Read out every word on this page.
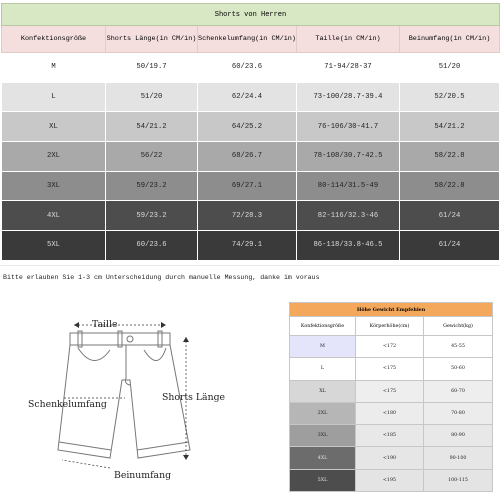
Shorts von Herren				
Konfektionsgröße	Shorts Länge(in CM/in)	Schenkelumfang(in CM/in)	Taille(in CM/in)	Beinumfang(in CM/in)
M	50/19.7	60/23.6	71-94/28-37	51/20
L	51/20	62/24.4	73-100/28.7-39.4	52/20.5
XL	54/21.2	64/25.2	76-106/30-41.7	54/21.2
2XL	56/22	68/26.7	78-108/30.7-42.5	58/22.8
3XL	59/23.2	69/27.1	80-114/31.5-49	58/22.8
4XL	59/23.2	72/28.3	82-116/32.3-46	61/24
5XL	60/23.6	74/29.1	86-118/33.8-46.5	61/24
Bitte erlauben Sie 1-3 cm Unterscheidung durch manuelle Messung, danke im voraus
Taille
Schenkelumfang
Shorts Länge
Beinumfang
Höhe Gewicht Empfehlen		
Konfektionsgröße	Körperhöhe(cm)	Gewicht(kg)
M	<172	45-55
L	<175	50-60
XL	<175	60-70
2XL	<180	70-80
3XL	<185	80-90
4XL	<190	90-100
5XL	<195	100-115
